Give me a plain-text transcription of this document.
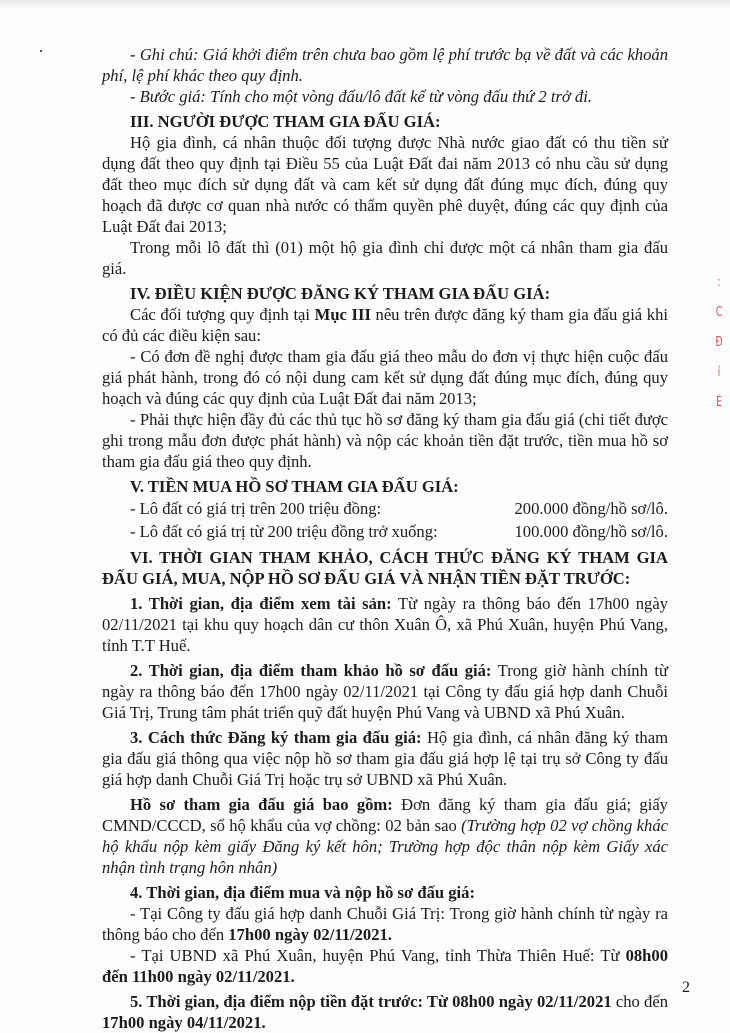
:
C
Đ
í
É

- Ghi chú: Giá khởi điểm trên chưa bao gồm lệ phí trước bạ về đất và các khoản phí, lệ phí khác theo quy định.

- Bước giá: Tính cho một vòng đấu/lô đất kể từ vòng đấu thứ 2 trở đi.

III. NGƯỜI ĐƯỢC THAM GIA ĐẤU GIÁ:

Hộ gia đình, cá nhân thuộc đối tượng được Nhà nước giao đất có thu tiền sử dụng đất theo quy định tại Điều 55 của Luật Đất đai năm 2013 có nhu cầu sử dụng đất theo mục đích sử dụng đất và cam kết sử dụng đất đúng mục đích, đúng quy hoạch đã được cơ quan nhà nước có thẩm quyền phê duyệt, đúng các quy định của Luật Đất đai 2013;

Trong mỗi lô đất thì (01) một hộ gia đình chỉ được một cá nhân tham gia đấu giá.

IV. ĐIỀU KIỆN ĐƯỢC ĐĂNG KÝ THAM GIA ĐẤU GIÁ:

Các đối tượng quy định tại Mục III nêu trên được đăng ký tham gia đấu giá khi có đủ các điều kiện sau:

- Có đơn đề nghị được tham gia đấu giá theo mẫu do đơn vị thực hiện cuộc đấu giá phát hành, trong đó có nội dung cam kết sử dụng đất đúng mục đích, đúng quy hoạch và đúng các quy định của Luật Đất đai năm 2013;

- Phải thực hiện đầy đủ các thủ tục hồ sơ đăng ký tham gia đấu giá (chi tiết được ghi trong mẫu đơn được phát hành) và nộp các khoản tiền đặt trước, tiền mua hồ sơ tham gia đấu giá theo quy định.

V. TIỀN MUA HỒ SƠ THAM GIA ĐẤU GIÁ:

- Lô đất có giá trị trên 200 triệu đồng:	200.000 đồng/hồ sơ/lô.
- Lô đất có giá trị từ 200 triệu đồng trở xuống:	100.000 đồng/hồ sơ/lô.

VI. THỜI GIAN THAM KHẢO, CÁCH THỨC ĐĂNG KÝ THAM GIA ĐẤU GIÁ, MUA, NỘP HỒ SƠ ĐẤU GIÁ VÀ NHẬN TIỀN ĐẶT TRƯỚC:

1. Thời gian, địa điểm xem tài sản: Từ ngày ra thông báo đến 17h00 ngày 02/11/2021 tại khu quy hoạch dân cư thôn Xuân Ô, xã Phú Xuân, huyện Phú Vang, tỉnh T.T Huế.

2. Thời gian, địa điểm tham khảo hồ sơ đấu giá: Trong giờ hành chính từ ngày ra thông báo đến 17h00 ngày 02/11/2021 tại Công ty đấu giá hợp danh Chuỗi Giá Trị, Trung tâm phát triển quỹ đất huyện Phú Vang và UBND xã Phú Xuân.

3. Cách thức Đăng ký tham gia đấu giá: Hộ gia đình, cá nhân đăng ký tham gia đấu giá thông qua việc nộp hồ sơ tham gia đấu giá hợp lệ tại trụ sở Công ty đấu giá hợp danh Chuỗi Giá Trị hoặc trụ sở UBND xã Phú Xuân.

Hồ sơ tham gia đấu giá bao gồm: Đơn đăng ký tham gia đấu giá; giấy CMND/CCCD, sổ hộ khẩu của vợ chồng: 02 bản sao (Trường hợp 02 vợ chồng khác hộ khẩu nộp kèm giấy Đăng ký kết hôn; Trường hợp độc thân nộp kèm Giấy xác nhận tình trạng hôn nhân)

4. Thời gian, địa điểm mua và nộp hồ sơ đấu giá:

- Tại Công ty đấu giá hợp danh Chuỗi Giá Trị: Trong giờ hành chính từ ngày ra thông báo cho đến 17h00 ngày 02/11/2021.

- Tại UBND xã Phú Xuân, huyện Phú Vang, tỉnh Thừa Thiên Huế: Từ 08h00 đến 11h00 ngày 02/11/2021.

5. Thời gian, địa điểm nộp tiền đặt trước: Từ 08h00 ngày 02/11/2021 cho đến 17h00 ngày 04/11/2021.

2
